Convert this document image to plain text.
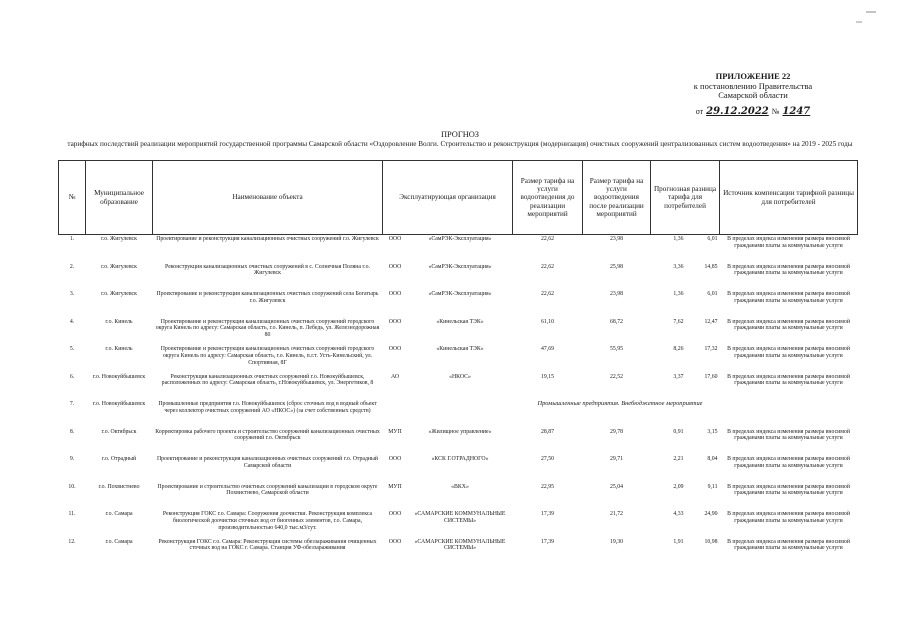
ПРИЛОЖЕНИЕ 22
к постановлению Правительства
Самарской области
от 29.12.2022 № 1247
ПРОГНОЗ
тарифных последствий реализации мероприятий государственной программы Самарской области «Оздоровление Волги. Строительство и реконструкция (модернизация) очистных сооружений централизованных систем водоотведения» на 2019 - 2025 годы
№	Муниципальное образование	Наименование объекта	Эксплуатирующая организация		Размер тарифа на услуги водоотведения до реализации мероприятий	Размер тарифа на услуги водоотведения после реализации мероприятий	Прогнозная разница тарифа для потребителей		Источник компенсации тарифной разницы для потребителей
1.	г.о. Жигулевск	Проектирование и реконструкция канализационных очистных сооружений г.о. Жигулевск	ООО	«СамРЭК-Эксплуатация»	22,62	23,98	1,36	6,01	В пределах индекса изменения размера вносимой гражданами платы за коммунальные услуги
2.	г.о. Жигулевск	Реконструкция канализационных очистных сооружений в с. Солнечная Поляна г.о. Жигулевск	ООО	«СамРЭК-Эксплуатация»	22,62	25,98	3,36	14,85	В пределах индекса изменения размера вносимой гражданами платы за коммунальные услуги
3.	г.о. Жигулевск	Проектирование и реконструкция канализационных очистных сооружений села Богатырь г.о. Жигулевск	ООО	«СамРЭК-Эксплуатация»	22,62	23,98	1,36	6,01	В пределах индекса изменения размера вносимой гражданами платы за коммунальные услуги
4.	г.о. Кинель	Проектирование и реконструкция канализационных очистных сооружений городского округа Кинель по адресу: Самарская область, г.о. Кинель, п. Лебедь, ул. Железнодорожная 80	ООО	«Кинельская ТЭК»	61,10	68,72	7,62	12,47	В пределах индекса изменения размера вносимой гражданами платы за коммунальные услуги
5.	г.о. Кинель	Проектирование и реконструкция канализационных очистных сооружений городского округа Кинель по адресу: Самарская область, г.о. Кинель, п.г.т. Усть-Кинельский, ул. Спортивная, 8Г	ООО	«Кинельская ТЭК»	47,69	55,95	8,26	17,32	В пределах индекса изменения размера вносимой гражданами платы за коммунальные услуги
6.	г.о. Новокуйбышевск	Реконструкция канализационных очистных сооружений г.о. Новокуйбышевск, расположенных по адресу: Самарская область, г.Новокуйбышевск, ул. Энергетиков, 8	АО	«НКОС»	19,15	22,52	3,37	17,60	В пределах индекса изменения размера вносимой гражданами платы за коммунальные услуги
7.	г.о. Новокуйбышевск	Промышленные предприятия г.о. Новокуйбышевск (сброс сточных вод в водный объект через коллектор очистных сооружений АО «НКОС») (за счет собственных средств)	Промышленные предприятия. Внебюджетное мероприятие						
8.	г.о. Октябрьск	Корректировка рабочего проекта и строительство сооружений канализационных очистных сооружений г.о. Октябрьск	МУП	«Жилищное управление»	28,87	29,78	0,91	3,15	В пределах индекса изменения размера вносимой гражданами платы за коммунальные услуги
9.	г.о. Отрадный	Проектирование и реконструкция канализационных очистных сооружений г.о. Отрадный Самарской области	ООО	«КСК Г.ОТРАДНОГО»	27,50	29,71	2,21	8,04	В пределах индекса изменения размера вносимой гражданами платы за коммунальные услуги
10.	г.о. Похвистнево	Проектирование и строительство очистных сооружений канализации в городском округе Похвистнево, Самарской области	МУП	«ВКХ»	22,95	25,04	2,09	9,11	В пределах индекса изменения размера вносимой гражданами платы за коммунальные услуги
11.	г.о. Самара	Реконструкция ГОКС г.о. Самара: Сооружения доочистки. Реконструкция комплекса биологической доочистки сточных вод от биогенных элементов, г.о. Самара, производительностью 640,0 тыс.м3/сут.	ООО	«САМАРСКИЕ КОММУНАЛЬНЫЕ СИСТЕМЫ»	17,39	21,72	4,33	24,90	В пределах индекса изменения размера вносимой гражданами платы за коммунальные услуги
12.	г.о. Самара	Реконструкция ГОКС г.о. Самара: Реконструкция системы обеззараживания очищенных сточных вод на ГОКС г. Самара. Станция УФ-обеззараживания	ООО	«САМАРСКИЕ КОММУНАЛЬНЫЕ СИСТЕМЫ»	17,39	19,30	1,91	10,98	В пределах индекса изменения размера вносимой гражданами платы за коммунальные услуги
